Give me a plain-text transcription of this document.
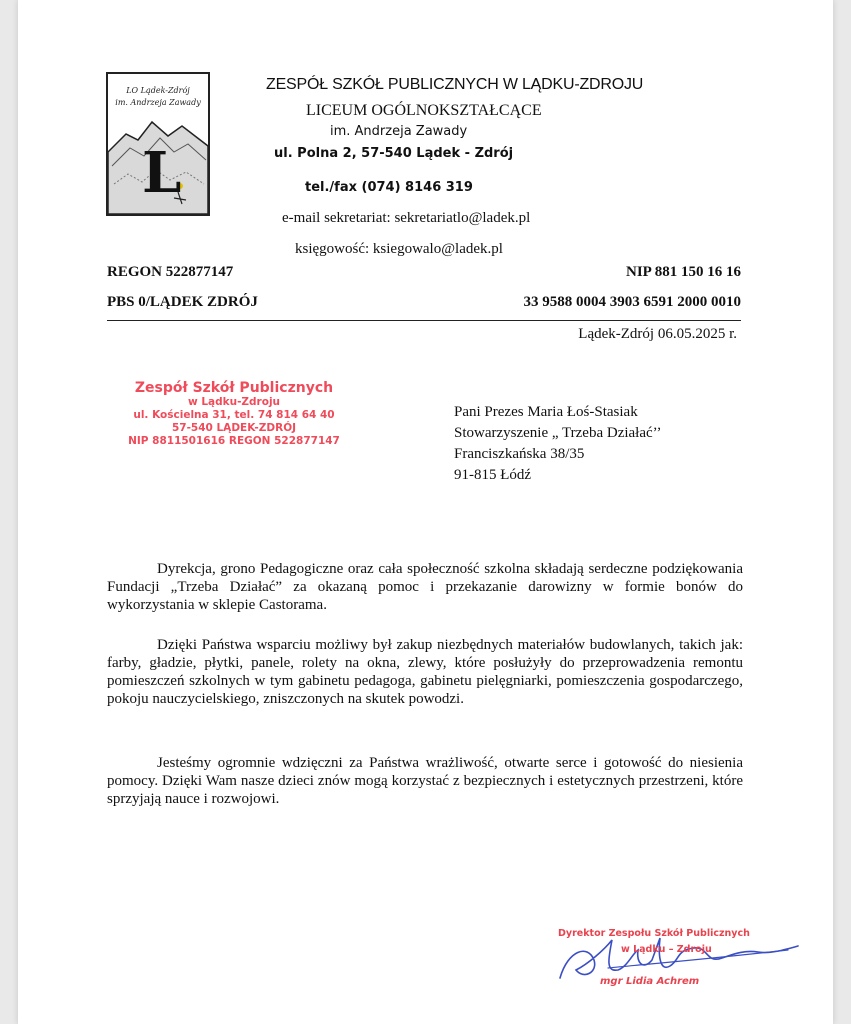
LO Lądek-Zdrój
im. Andrzeja Zawady
L
ZESPÓŁ SZKÓŁ PUBLICZNYCH W LĄDKU-ZDROJU
LICEUM OGÓLNOKSZTAŁCĄCE
im. Andrzeja Zawady
ul. Polna 2, 57-540 Lądek - Zdrój
tel./fax (074) 8146 319
e-mail sekretariat: sekretariatlo@ladek.pl
księgowość: ksiegowalo@ladek.pl
REGON 522877147	NIP 881 150 16 16
PBS 0/LĄDEK ZDRÓJ	33 9588 0004 3903 6591 2000 0010
Lądek-Zdrój 06.05.2025 r.
Zespół Szkół Publicznych
w Lądku-Zdroju
ul. Kościelna 31, tel. 74 814 64 40
57-540 LĄDEK-ZDRÓJ
NIP 8811501616 REGON 522877147
Pani Prezes Maria Łoś-Stasiak
Stowarzyszenie „ Trzeba Działać’’
Franciszkańska 38/35
91-815 Łódź
Dyrekcja, grono Pedagogiczne oraz cała społeczność szkolna składają serdeczne podziękowania Fundacji „Trzeba Działać” za okazaną pomoc i przekazanie darowizny w formie bonów do wykorzystania w sklepie Castorama.
Dzięki Państwa wsparciu możliwy był zakup niezbędnych materiałów budowlanych, takich jak: farby, gładzie, płytki, panele, rolety na okna, zlewy, które posłużyły do przeprowadzenia remontu pomieszczeń szkolnych w tym gabinetu pedagoga, gabinetu pielęgniarki, pomieszczenia gospodarczego, pokoju nauczycielskiego, zniszczonych na skutek powodzi.
Jesteśmy ogromnie wdzięczni za Państwa wrażliwość, otwarte serce i gotowość do niesienia pomocy. Dzięki Wam nasze dzieci znów mogą korzystać z bezpiecznych i estetycznych przestrzeni, które sprzyjają nauce i rozwojowi.
Dyrektor Zespołu Szkół Publicznych
w Lądku – Zdroju
mgr Lidia Achrem
